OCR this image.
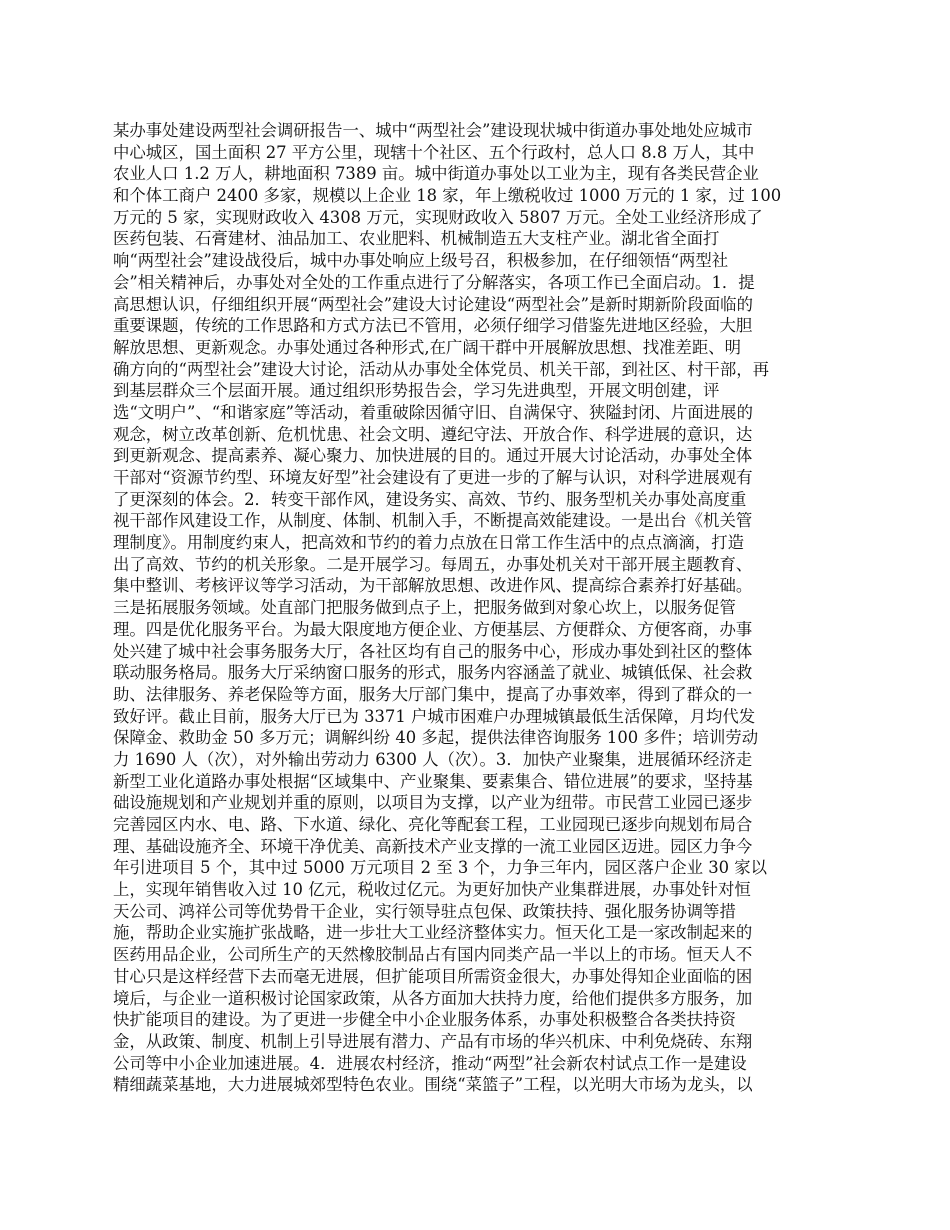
某办事处建设两型社会调研报告一、城中“两型社会”建设现状城中街道办事处地处应城市
中心城区，国土面积 27 平方公里，现辖十个社区、五个行政村，总人口 8.8 万人，其中
农业人口 1.2 万人，耕地面积 7389 亩。城中街道办事处以工业为主，现有各类民营企业
和个体工商户 2400 多家，规模以上企业 18 家，年上缴税收过 1000 万元的 1 家，过 100
万元的 5 家，实现财政收入 4308 万元，实现财政收入 5807 万元。全处工业经济形成了
医药包装、石膏建材、油品加工、农业肥料、机械制造五大支柱产业。湖北省全面打
响“两型社会”建设战役后，城中办事处响应上级号召，积极参加，在仔细领悟“两型社
会”相关精神后，办事处对全处的工作重点进行了分解落实，各项工作已全面启动。1．提
高思想认识，仔细组织开展“两型社会”建设大讨论建设“两型社会”是新时期新阶段面临的
重要课题，传统的工作思路和方式方法已不管用，必须仔细学习借鉴先进地区经验，大胆
解放思想、更新观念。办事处通过各种形式,在广阔干群中开展解放思想、找准差距、明
确方向的“两型社会”建设大讨论，活动从办事处全体党员、机关干部，到社区、村干部，再
到基层群众三个层面开展。通过组织形势报告会，学习先进典型，开展文明创建，评
选“文明户”、“和谐家庭”等活动，着重破除因循守旧、自满保守、狭隘封闭、片面进展的
观念，树立改革创新、危机忧患、社会文明、遵纪守法、开放合作、科学进展的意识，达
到更新观念、提高素养、凝心聚力、加快进展的目的。通过开展大讨论活动，办事处全体
干部对“资源节约型、环境友好型”社会建设有了更进一步的了解与认识，对科学进展观有
了更深刻的体会。2．转变干部作风，建设务实、高效、节约、服务型机关办事处高度重
视干部作风建设工作，从制度、体制、机制入手，不断提高效能建设。一是出台《机关管
理制度》。用制度约束人，把高效和节约的着力点放在日常工作生活中的点点滴滴，打造
出了高效、节约的机关形象。二是开展学习。每周五，办事处机关对干部开展主题教育、
集中整训、考核评议等学习活动，为干部解放思想、改进作风、提高综合素养打好基础。
三是拓展服务领域。处直部门把服务做到点子上，把服务做到对象心坎上，以服务促管
理。四是优化服务平台。为最大限度地方便企业、方便基层、方便群众、方便客商，办事
处兴建了城中社会事务服务大厅，各社区均有自己的服务中心，形成办事处到社区的整体
联动服务格局。服务大厅采纳窗口服务的形式，服务内容涵盖了就业、城镇低保、社会救
助、法律服务、养老保险等方面，服务大厅部门集中，提高了办事效率，得到了群众的一
致好评。截止目前，服务大厅已为 3371 户城市困难户办理城镇最低生活保障，月均代发
保障金、救助金 50 多万元；调解纠纷 40 多起，提供法律咨询服务 100 多件；培训劳动
力 1690 人（次），对外输出劳动力 6300 人（次）。3．加快产业聚集，进展循环经济走
新型工业化道路办事处根据“区域集中、产业聚集、要素集合、错位进展”的要求，坚持基
础设施规划和产业规划并重的原则，以项目为支撑，以产业为纽带。市民营工业园已逐步
完善园区内水、电、路、下水道、绿化、亮化等配套工程，工业园现已逐步向规划布局合
理、基础设施齐全、环境干净优美、高新技术产业支撑的一流工业园区迈进。园区力争今
年引进项目 5 个，其中过 5000 万元项目 2 至 3 个，力争三年内，园区落户企业 30 家以
上，实现年销售收入过 10 亿元，税收过亿元。为更好加快产业集群进展，办事处针对恒
天公司、鸿祥公司等优势骨干企业，实行领导驻点包保、政策扶持、强化服务协调等措
施，帮助企业实施扩张战略，进一步壮大工业经济整体实力。恒天化工是一家改制起来的
医药用品企业，公司所生产的天然橡胶制品占有国内同类产品一半以上的市场。恒天人不
甘心只是这样经营下去而毫无进展，但扩能项目所需资金很大，办事处得知企业面临的困
境后，与企业一道积极讨论国家政策，从各方面加大扶持力度，给他们提供多方服务，加
快扩能项目的建设。为了更进一步健全中小企业服务体系，办事处积极整合各类扶持资
金，从政策、制度、机制上引导进展有潜力、产品有市场的华兴机床、中利免烧砖、东翔
公司等中小企业加速进展。4．进展农村经济，推动“两型”社会新农村试点工作一是建设
精细蔬菜基地，大力进展城郊型特色农业。围绕“菜篮子”工程，以光明大市场为龙头，以
